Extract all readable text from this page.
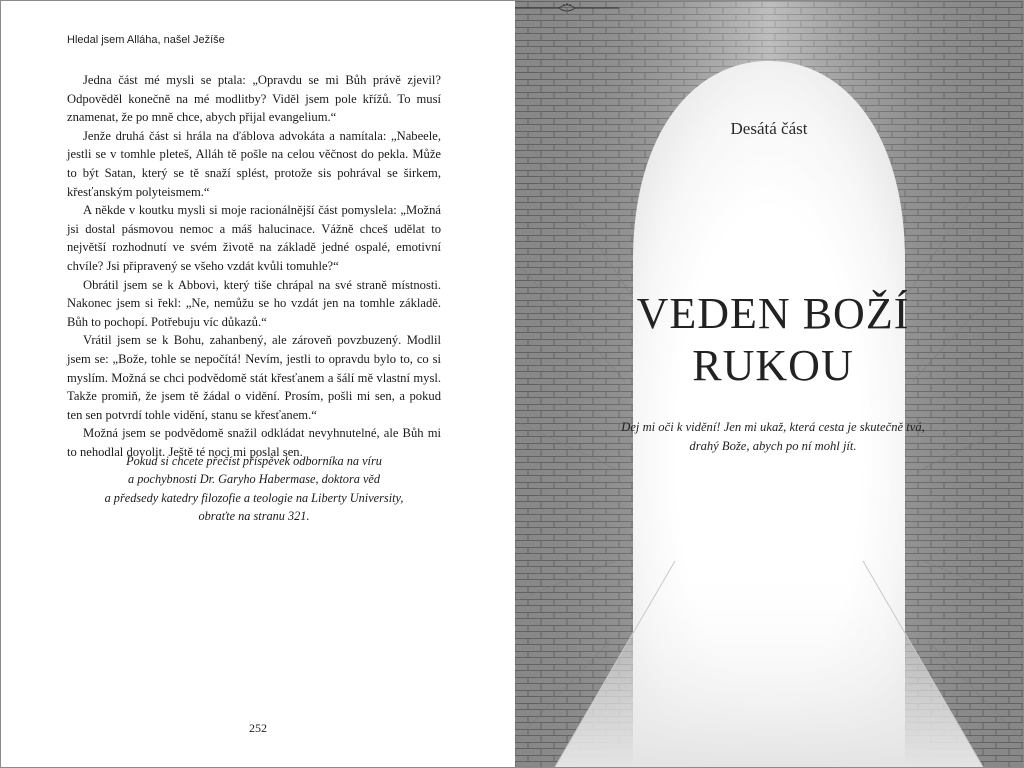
Hledal jsem Alláha, našel Ježíše

Jedna část mé mysli se ptala: „Opravdu se mi Bůh právě zjevil? Odpověděl konečně na mé modlitby? Viděl jsem pole křížů. To musí znamenat, že po mně chce, abych přijal evangelium.“

Jenže druhá část si hrála na ďáblova advokáta a namítala: „Nabeele, jestli se v tomhle pleteš, Alláh tě pošle na celou věčnost do pekla. Může to být Satan, který se tě snaží splést, protože sis pohrával se širkem, křesťanským polyteismem.“

A někde v koutku mysli si moje racionálnější část pomyslela: „Možná jsi dostal pásmovou nemoc a máš halucinace. Vážně chceš udělat to největší rozhodnutí ve svém životě na základě jedné ospalé, emotivní chvíle? Jsi připravený se všeho vzdát kvůli tomuhle?“

Obrátil jsem se k Abbovi, který tiše chrápal na své straně místnosti. Nakonec jsem si řekl: „Ne, nemůžu se ho vzdát jen na tomhle základě. Bůh to pochopí. Potřebuju víc důkazů.“

Vrátil jsem se k Bohu, zahanbený, ale zároveň povzbuzený. Modlil jsem se: „Bože, tohle se nepočítá! Nevím, jestli to opravdu bylo to, co si myslím. Možná se chci podvědomě stát křesťanem a šálí mě vlastní mysl. Takže promiň, že jsem tě žádal o vidění. Prosím, pošli mi sen, a pokud ten sen potvrdí tohle vidění, stanu se křesťanem.“

Možná jsem se podvědomě snažil odkládat nevyhnutelné, ale Bůh mi to nehodlal dovolit. Ještě té noci mi poslal sen.

Pokud si chcete přečíst příspěvek odborníka na víru
a pochybnosti Dr. Garyho Habermase, doktora věd
a předsedy katedry filozofie a teologie na Liberty University,
obraťte na stranu 321.
252
Desátá část
VEDEN BOŽÍ
RUKOU
Dej mi oči k vidění! Jen mi ukaž, která cesta je skutečně tvá,
drahý Bože, abych po ní mohl jít.
